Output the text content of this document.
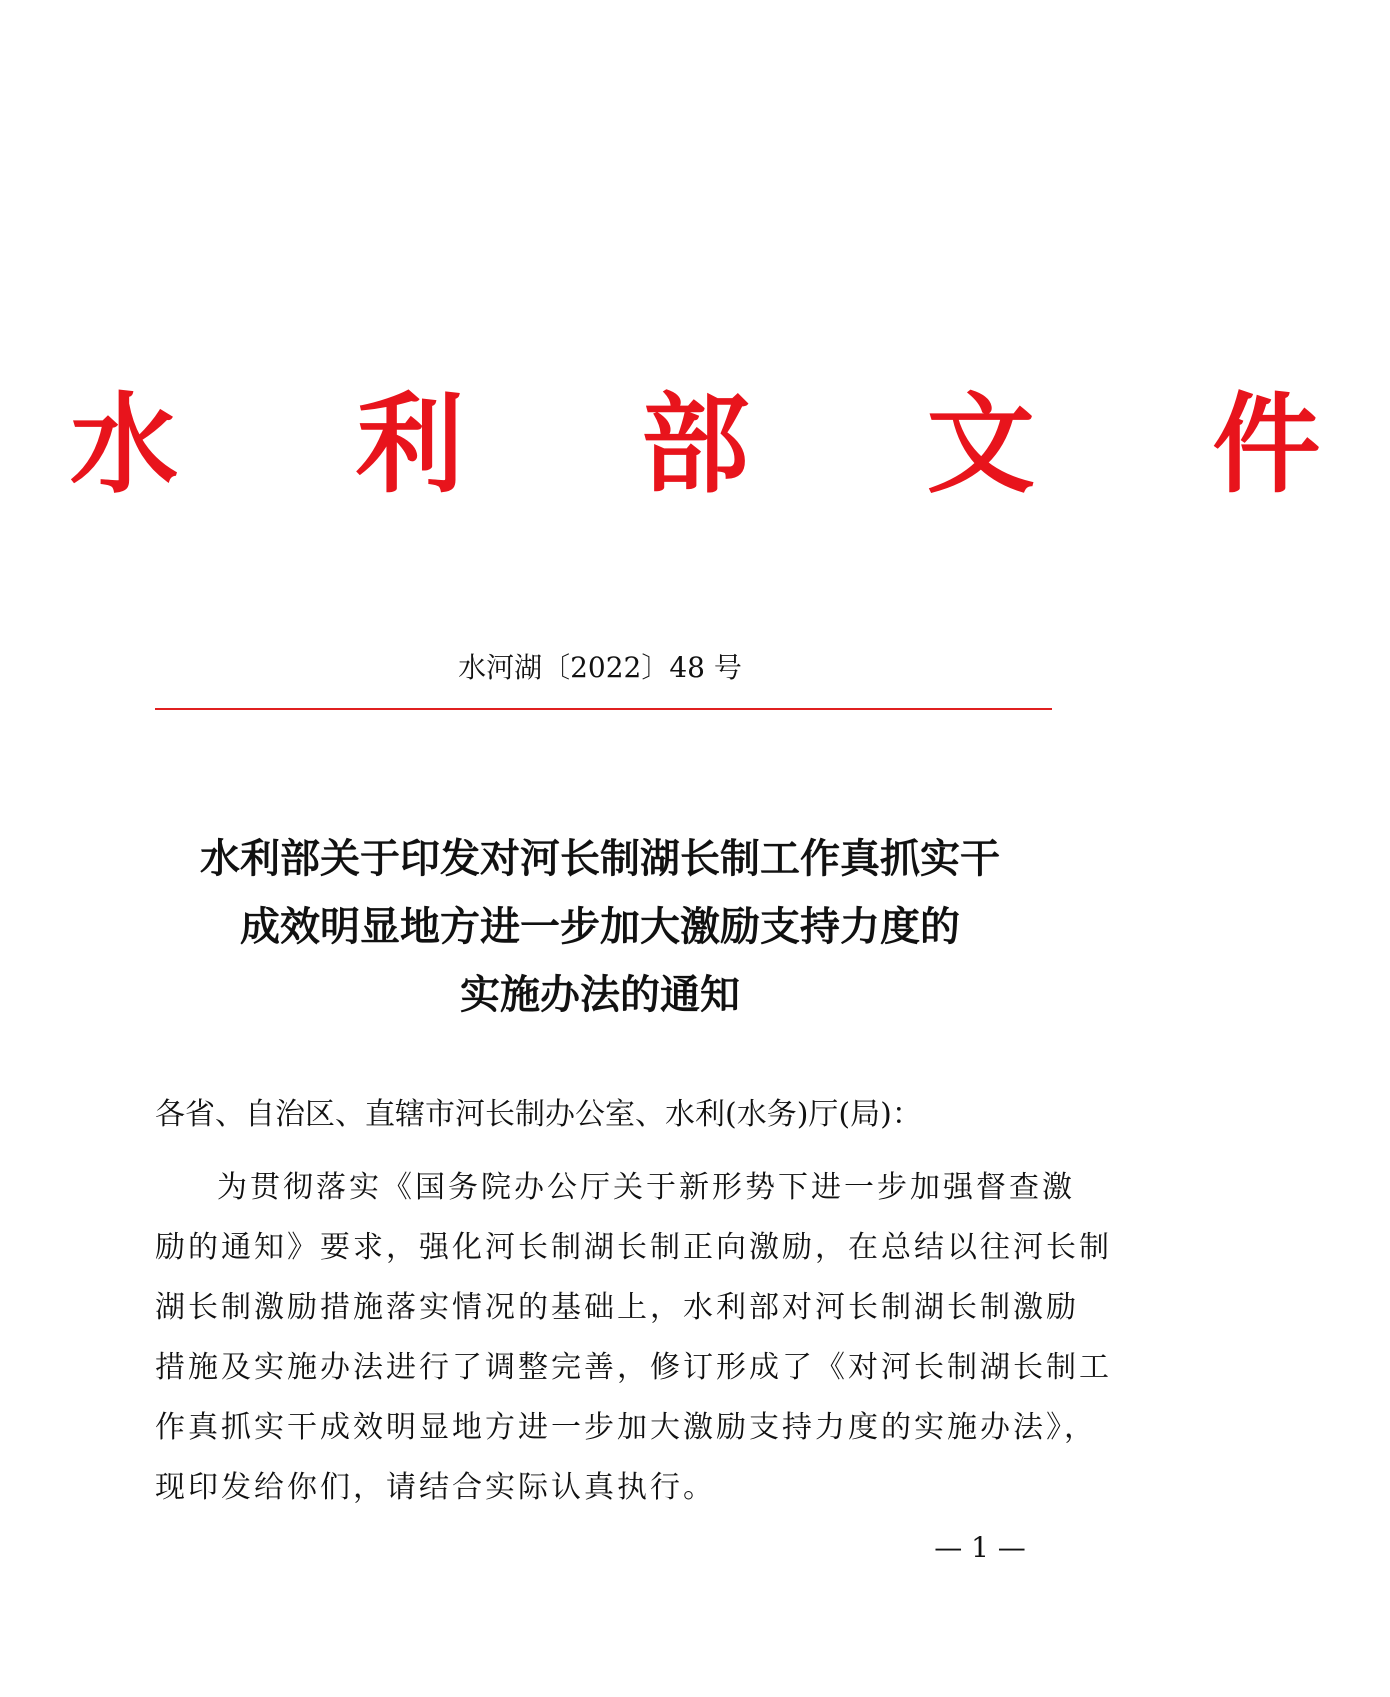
水 利 部 文 件
水河湖〔2022〕48 号
水利部关于印发对河长制湖长制工作真抓实干
成效明显地方进一步加大激励支持力度的
实施办法的通知
各省、自治区、直辖市河长制办公室、水利(水务)厅(局)：
为贯彻落实《国务院办公厅关于新形势下进一步加强督查激
励的通知》要求，强化河长制湖长制正向激励，在总结以往河长制
湖长制激励措施落实情况的基础上，水利部对河长制湖长制激励
措施及实施办法进行了调整完善，修订形成了《对河长制湖长制工
作真抓实干成效明显地方进一步加大激励支持力度的实施办法》，
现印发给你们，请结合实际认真执行。
— 1 —
